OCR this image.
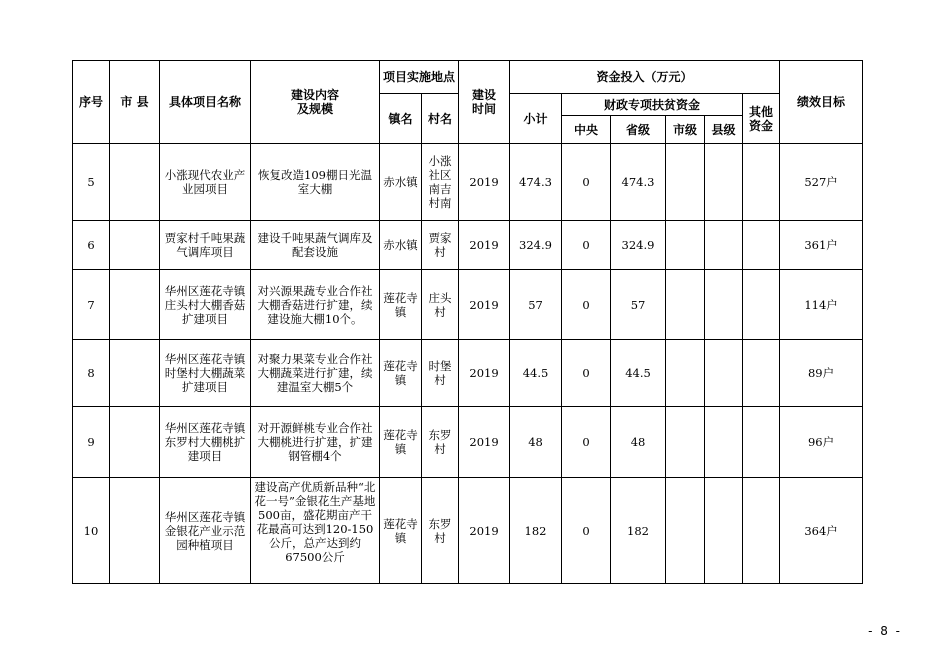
序号	市 县	具体项目名称	建设内容
及规模	项目实施地点		建设时间	资金投入（万元）						绩效目标
				镇名	村名		小计	财政专项扶贫资金				其他资金	
								中央	省级	市级	县级		
5		小涨现代农业产业园项目	恢复改造109棚日光温室大棚	赤水镇	小涨社区南吉村南	2019	474.3	0	474.3				527户
6		贾家村千吨果蔬气调库项目	建设千吨果蔬气调库及配套设施	赤水镇	贾家村	2019	324.9	0	324.9				361户
7		华州区莲花寺镇庄头村大棚香菇扩建项目	对兴源果蔬专业合作社大棚香菇进行扩建，续建设施大棚10个。	莲花寺镇	庄头村	2019	57	0	57				114户
8		华州区莲花寺镇时堡村大棚蔬菜扩建项目	对聚力果菜专业合作社大棚蔬菜进行扩建，续建温室大棚5个	莲花寺镇	时堡村	2019	44.5	0	44.5				89户
9		华州区莲花寺镇东罗村大棚桃扩建项目	对开源鲜桃专业合作社大棚桃进行扩建，扩建钢管棚4个	莲花寺镇	东罗村	2019	48	0	48				96户
10		华州区莲花寺镇金银花产业示范园种植项目	建设高产优质新品种“北花一号”金银花生产基地500亩，盛花期亩产干花最高可达到120-150公斤，总产达到约67500公斤	莲花寺镇	东罗村	2019	182	0	182				364户
- 8 -
